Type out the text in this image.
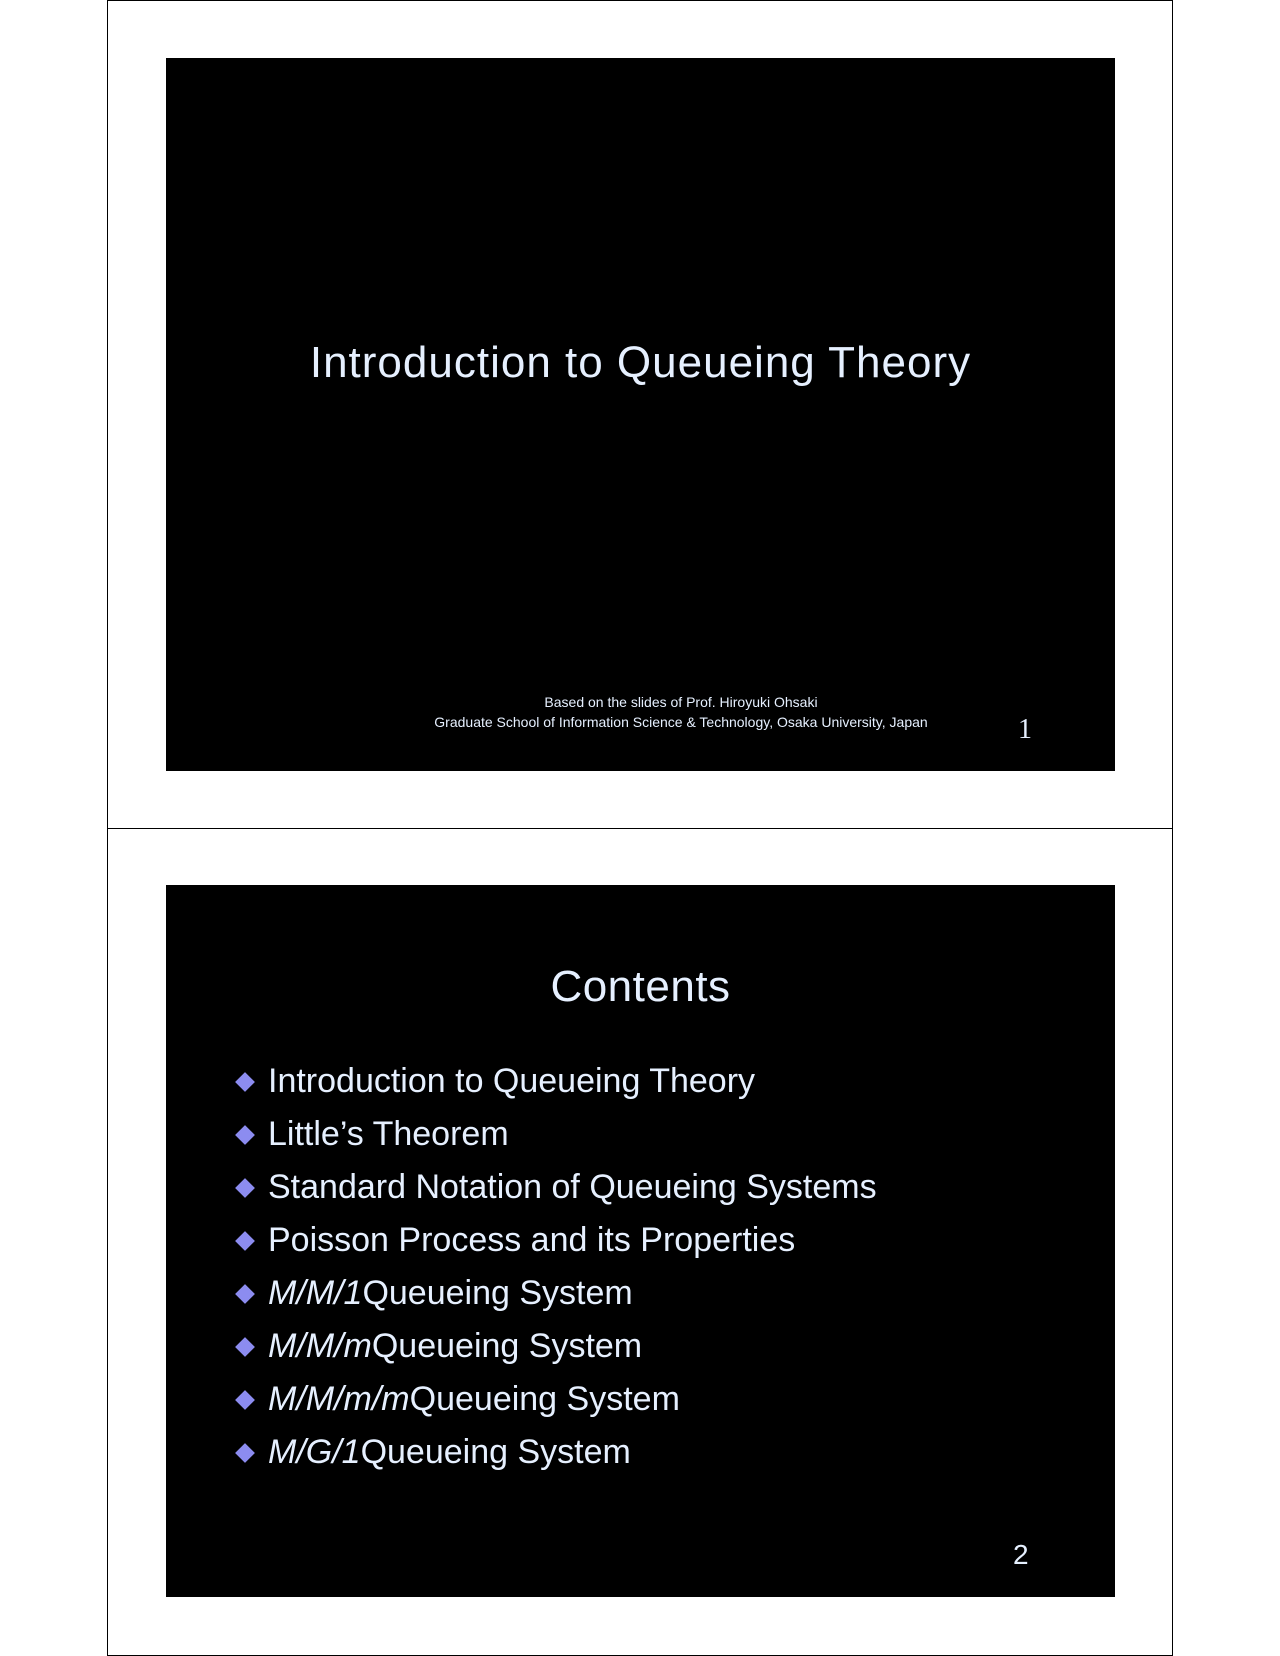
Introduction to Queueing Theory
Based on the slides of Prof. Hiroyuki Ohsaki
Graduate School of Information Science & Technology, Osaka University, Japan	1
Contents
Introduction to Queueing Theory
Little’s Theorem
Standard Notation of Queueing Systems
Poisson Process and its Properties
M/M/1 Queueing System
M/M/m Queueing System
M/M/m/m Queueing System
M/G/1 Queueing System
2
